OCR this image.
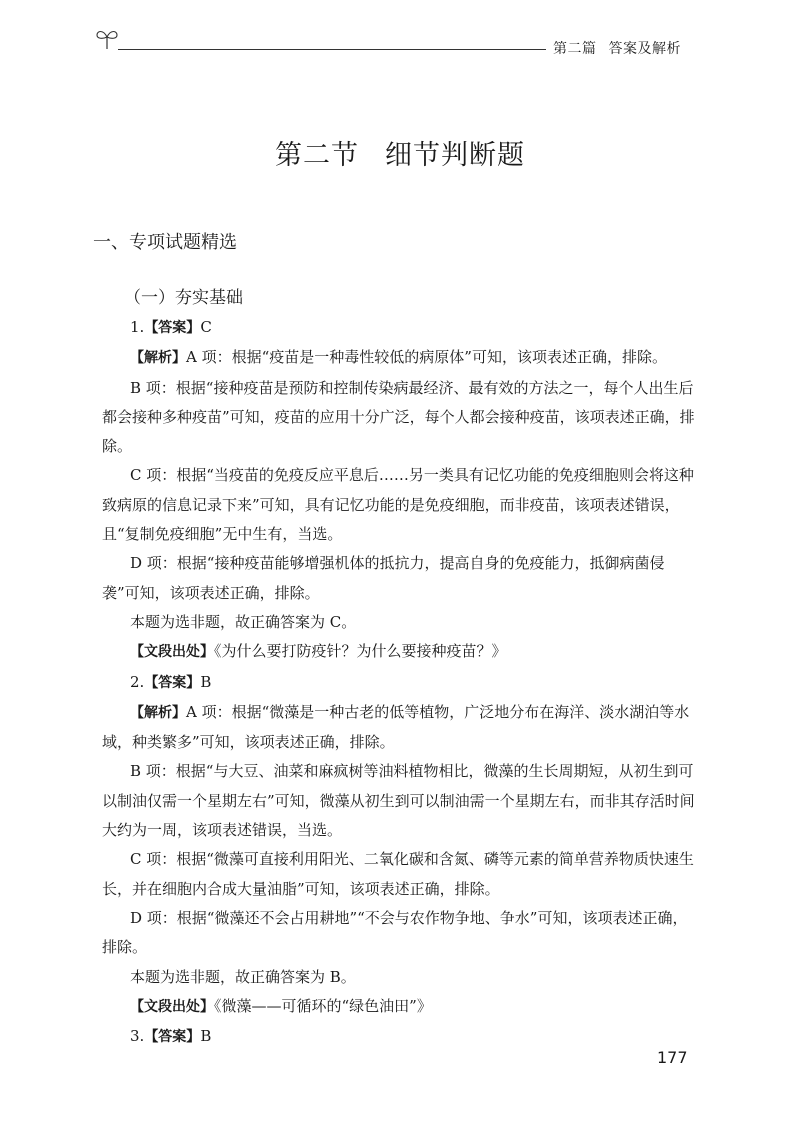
第二篇 答案及解析
第二节 细节判断题
一、专项试题精选
（一）夯实基础

1.【答案】C

【解析】A 项：根据“疫苗是一种毒性较低的病原体”可知，该项表述正确，排除。

B 项：根据“接种疫苗是预防和控制传染病最经济、最有效的方法之一，每个人出生后都会接种多种疫苗”可知，疫苗的应用十分广泛，每个人都会接种疫苗，该项表述正确，排除。

C 项：根据“当疫苗的免疫反应平息后……另一类具有记忆功能的免疫细胞则会将这种致病原的信息记录下来”可知，具有记忆功能的是免疫细胞，而非疫苗，该项表述错误，且“复制免疫细胞”无中生有，当选。

D 项：根据“接种疫苗能够增强机体的抵抗力，提高自身的免疫能力，抵御病菌侵袭”可知，该项表述正确，排除。

本题为选非题，故正确答案为 C。

【文段出处】《为什么要打防疫针？为什么要接种疫苗？》

2.【答案】B

【解析】A 项：根据“微藻是一种古老的低等植物，广泛地分布在海洋、淡水湖泊等水域，种类繁多”可知，该项表述正确，排除。

B 项：根据“与大豆、油菜和麻疯树等油料植物相比，微藻的生长周期短，从初生到可以制油仅需一个星期左右”可知，微藻从初生到可以制油需一个星期左右，而非其存活时间大约为一周，该项表述错误，当选。

C 项：根据“微藻可直接利用阳光、二氧化碳和含氮、磷等元素的简单营养物质快速生长，并在细胞内合成大量油脂”可知，该项表述正确，排除。

D 项：根据“微藻还不会占用耕地”“不会与农作物争地、争水”可知，该项表述正确，排除。

本题为选非题，故正确答案为 B。

【文段出处】《微藻——可循环的“绿色油田”》

3.【答案】B

177
